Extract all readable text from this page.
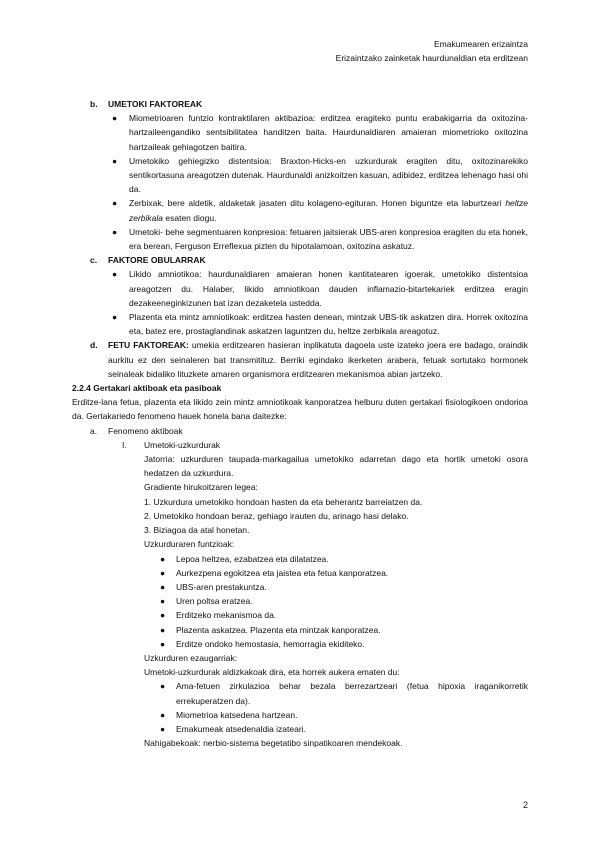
Emakumearen erizaintza
Erizaintzako zainketak haurdunaldian eta erditzean
b. UMETOKI FAKTOREAK
● Miometrioaren funtzio kontraktilaren aktibazioa: erditzea eragiteko puntu erabakigarria da oxitozina-hartzaileengandiko sentsibilitatea handitzen baita. Haurdunaldiaren amaieran miometrioko oxitozina hartzaileak gehiagotzen baitira.
● Umetokiko gehiegizko distentsioa: Braxton-Hicks-en uzkurdurak eragiten ditu, oxitozinarekiko sentikortasuna areagotzen dutenak. Haurdunaldi anizkoitzen kasuan, adibidez, erditzea lehenago hasi ohi da.
● Zerbixak, bere aldetik, aldaketak jasaten ditu kolageno-egituran. Honen biguntze eta laburtzeari heltze zerbikala esaten diogu.
● Umetoki- behe segmentuaren konpresioa: fetuaren jaitsierak UBS-aren konpresioa eragiten du eta honek, era berean, Ferguson Erreflexua pizten du hipotalamoan, oxitozina askatuz.
c. FAKTORE OBULARRAK
● Likido amniotikoa: haurdunaldiaren amaieran honen kantitatearen igoerak, umetokiko distentsioa areagotzen du. Halaber, likido amniotikoan dauden inflamazio-bitartekariek erditzea eragin dezakeeneginkizunen bat izan dezaketela ustedda.
● Plazenta eta mintz amniotikoak: erditzea hasten denean, mintzak UBS-tik askatzen dira. Horrek oxitozina eta, batez ere, prostaglandinak askatzen laguntzen du, heltze zerbikala areagotuz.
d. FETU FAKTOREAK: umekia erditzearen hasieran inplikatuta dagoela uste izateko joera ere badago, oraindik aurkitu ez den seinaleren bat transmitituz. Berriki egindako ikerketen arabera, fetuak sortutako hormonek seinaleak bidaliko lituzkete amaren organismora erditzearen mekanismoa abian jartzeko.
2.2.4 Gertakari aktiboak eta pasiboak
Erditze-lana fetua, plazenta eta likido zein mintz amniotikoak kanporatzea helburu duten gertakari fisiologikoen ondorioa da. Gertakariedo fenomeno hauek honela bana daitezke:
a. Fenomeno aktiboak
I. Umetoki-uzkurdurak
Jatorria: uzkurduren taupada-markagailua umetokiko adarretan dago eta hortik umetoki osora hedatzen da uzkurdura.
Gradiente hirukoitzaren legea:
1. Uzkurdura umetokiko hondoan hasten da eta beherantz barreiatzen da.
2. Umetokiko hondoan beraz, gehiago irauten du, arinago hasi delako.
3. Biziagoa da atal honetan.
Uzkurduraren funtzioak:
● Lepoa heltzea, ezabatzea eta dilatatzea.
● Aurkezpena egokitzea eta jaistea eta fetua kanporatzea.
● UBS-aren prestakuntza.
● Uren poltsa eratzea.
● Erditzeko mekanismoa da.
● Plazenta askatzea. Plazenta eta mintzak kanporatzea.
● Erditze ondoko hemostasia, hemorragia ekiditeko.
Uzkurduren ezaugarriak:
Umetoki-uzkurdurak aldizkakoak dira, eta horrek aukera ematen du:
● Ama-fetuen zirkulazioa behar bezala berrezartzeari (fetua hipoxia iraganikorretik errekuperatzen da).
● Miometrioa katsedena hartzean.
● Emakumeak atsedenaldia izateari.
Nahigabekoak: nerbio-sistema begetatibo sinpatikoaren mendekoak.
2
